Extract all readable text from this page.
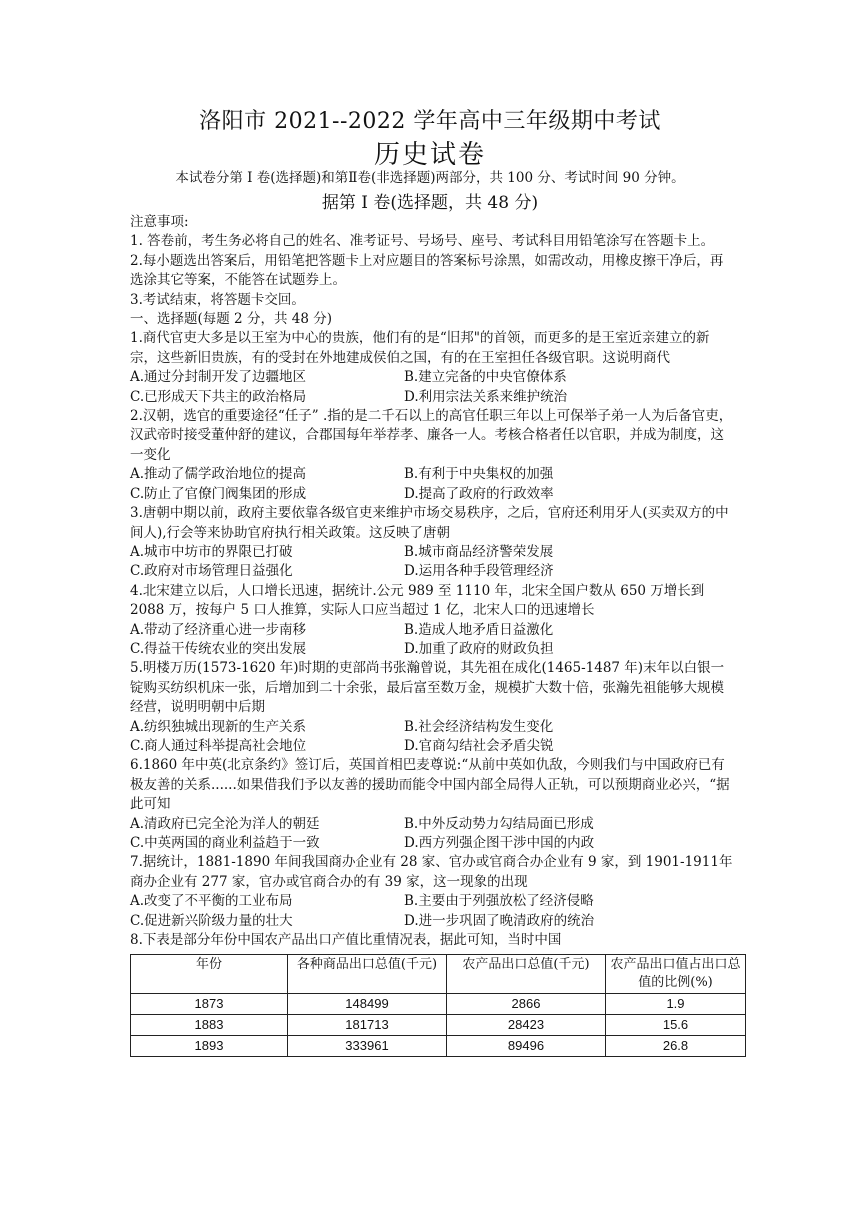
洛阳市 2021--2022 学年高中三年级期中考试
历史试卷
本试卷分第 I 卷(选择题)和第Ⅱ卷(非选择题)两部分，共 100 分、考试时间 90 分钟。
据第 I 卷(选择题，共 48 分)

注意事项:

1. 答卷前，考生务必将自己的姓名、准考证号、号场号、座号、考试科目用铅笔涂写在答题卡上。

2.每小题选出答案后，用铅笔把答题卡上对应题目的答案标号涂黑，如需改动，用橡皮擦干净后，再选涂其它等案，不能答在试题券上。

3.考试结束，将答题卡交回。

一、选择题(每题 2 分，共 48 分)

1.商代官吏大多是以王室为中心的贵族，他们有的是“旧邦"的首领，而更多的是王室近亲建立的新宗，这些新旧贵族，有的受封在外地建成侯伯之国，有的在王室担任各级官职。这说明商代

A.通过分封制开发了边疆地区	B.建立完备的中央官僚体系
C.已形成天下共主的政治格局	D.利用宗法关系来维护统治

2.汉朝，选官的重要途径“任子” .指的是二千石以上的高官任职三年以上可保举子弟一人为后备官吏，汉武帝时接受董仲舒的建议，合郡国每年举荐孝、廉各一人。考核合格者任以官职，并成为制度，这一变化

A.推动了儒学政治地位的提高	B.有利于中央集权的加强
C.防止了官僚门阀集团的形成	D.提高了政府的行政效率

3.唐朝中期以前，政府主要依靠各级官吏来维护市场交易秩序，之后，官府还利用牙人(买卖双方的中间人),行会等来协助官府执行相关政策。这反映了唐朝

A.城市中坊市的界限已打破	B.城市商品经济警荣发展
C.政府对市场管理日益强化	D.运用各种手段管理经济

4.北宋建立以后，人口增长迅速，据统计.公元 989 至 1110 年，北宋全国户数从 650 万增长到 2088 万，按每户 5 口人推算，实际人口应当超过 1 亿，北宋人口的迅速增长

A.带动了经济重心进一步南移	B.造成人地矛盾日益激化
C.得益干传统农业的突出发展	D.加重了政府的财政负担

5.明楼万历(1573-1620 年)时期的吏部尚书张瀚曾说，其先祖在成化(1465-1487 年)末年以白银一锭购买纺织机床一张，后增加到二十余张，最后富至数万金，规模扩大数十倍，张瀚先祖能够大规模经营，说明明朝中后期

A.纺织独城出现新的生产关系	B.社会经济结构发生变化
C.商人通过科举提高社会地位	D.官商勾结社会矛盾尖锐

6.1860 年中英(北京条约》签订后，英国首相巴麦尊说:“从前中英如仇敌，今则我们与中国政府已有极友善的关系......如果借我们予以友善的援助而能令中国内部全局得人正轨，可以预期商业必兴，“据此可知

A.清政府已完全沦为洋人的朝廷	B.中外反动势力勾结局面已形成
C.中英两国的商业利益趋于一致	D.西方列强企图干涉中国的内政

7.据统计，1881-1890 年间我国商办企业有 28 家、官办或官商合办企业有 9 家，到 1901-1911年商办企业有 277 家，官办或官商合办的有 39 家，这一现象的出现

A.改变了不平衡的工业布局	B.主要由于列强放松了经济侵略
C.促进新兴阶级力量的壮大	D.进一步巩固了晚清政府的统治

8.下表是部分年份中国农产品出口产值比重情况表，据此可知，当时中国

年份	各种商品出口总值(千元)	农产品出口总值(千元)	农产品出口值占出口总值的比例(%)
1873	148499	2866	1.9
1883	181713	28423	15.6
1893	333961	89496	26.8
